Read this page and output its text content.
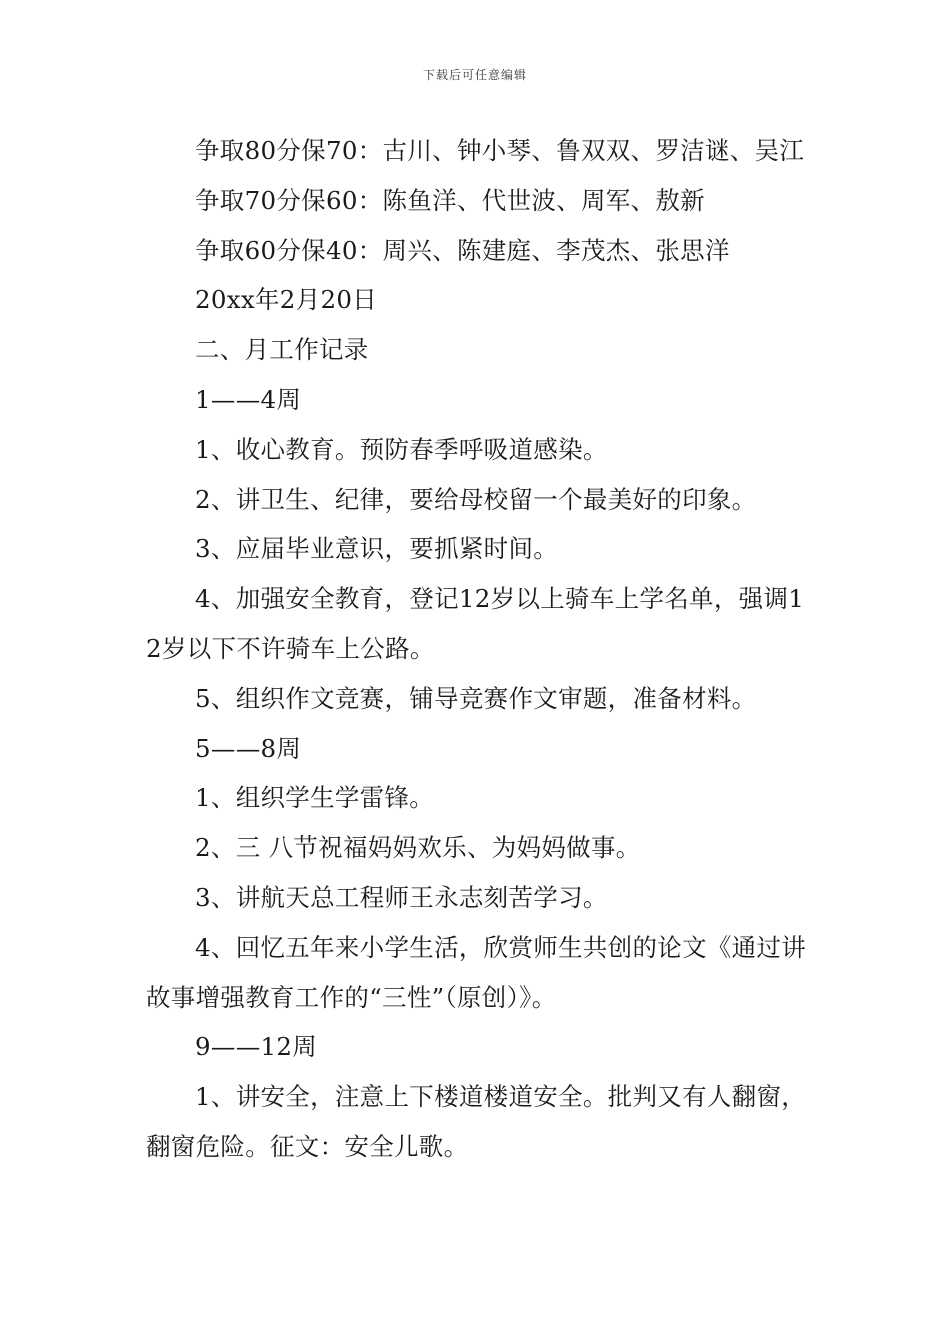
下载后可任意编辑

争取80分保70：古川、钟小琴、鲁双双、罗洁谜、吴江

争取70分保60：陈鱼洋、代世波、周军、敖新

争取60分保40：周兴、陈建庭、李茂杰、张思洋

20xx年2月20日

二、月工作记录

1——4周

1、收心教育。预防春季呼吸道感染。

2、讲卫生、纪律，要给母校留一个最美好的印象。

3、应届毕业意识，要抓紧时间。

4、加强安全教育，登记12岁以上骑车上学名单，强调12岁以下不许骑车上公路。

5、组织作文竞赛，铺导竞赛作文审题，准备材料。

5——8周

1、组织学生学雷锋。

2、三 八节祝福妈妈欢乐、为妈妈做事。

3、讲航天总工程师王永志刻苦学习。

4、回忆五年来小学生活，欣赏师生共创的论文《通过讲故事增强教育工作的“三性”（原创）》。

9——12周

1、讲安全，注意上下楼道楼道安全。批判又有人翻窗，翻窗危险。征文：安全儿歌。
